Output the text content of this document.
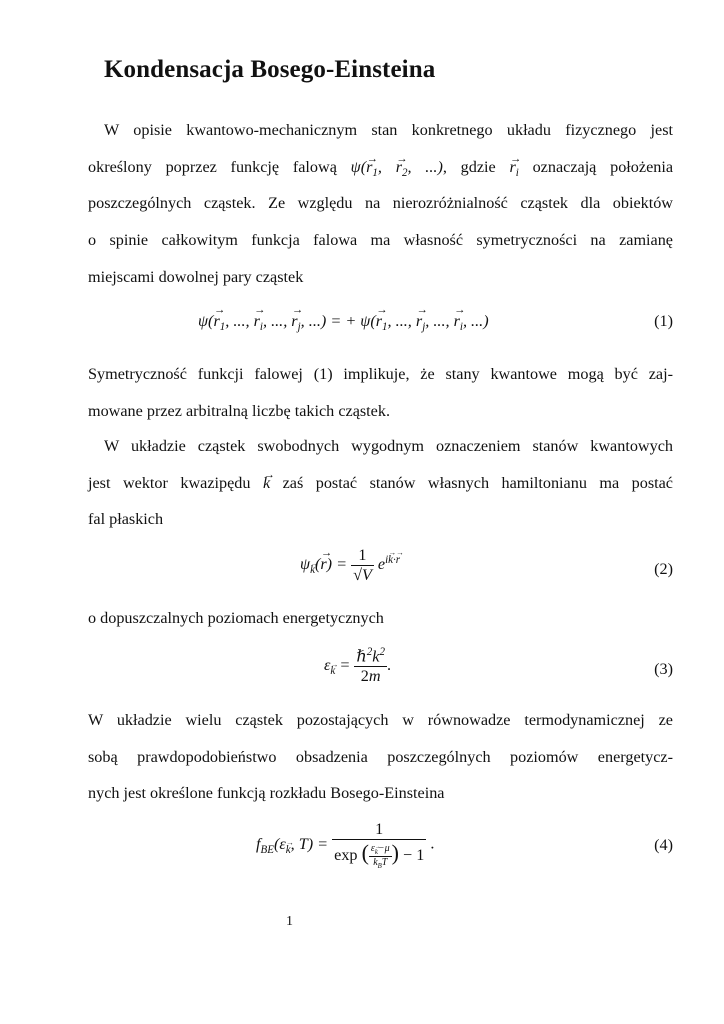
Kondensacja Bosego-Einsteina
W opisie kwantowo-mechanicznym stan konkretnego układu fizycznego jest
określony poprzez funkcję falową $\psi(\to r_1$, → $r_2$, ...), gdzie → $r_i$ oznaczają położenia
poszczególnych cząstek. Ze względu na nierozróżnialność cząstek dla obiektów
o spinie całkowitym funkcja falowa ma własność symetryczności na zamianę
miejscami dowolnej pary cząstek
$\psi(\to r_1$, ..., → $r_i$, ..., → $r_j$, ...) = + $\psi(\to r_1$, ..., → $r_j$, ..., → $r_i$, ...)	(1)
Symetryczność funkcji falowej (1) implikuje, że stany kwantowe mogą być zaj-
mowane przez arbitralną liczbę takich cząstek.
W układzie cząstek swobodnych wygodnym oznaczeniem stanów kwantowych
jest wektor kwazipędu → k zaś postać stanów własnych hamiltonianu ma postać
fal płaskich
$\psi\to _k(\to r) = \frac{1}{√V} e^{i\to k\cdot\to r}$
(2)
o dopuszczalnych poziomach energetycznych
$\varepsilon\to _k = \frac{\hbar^2k^2}{2m}$ .	(3)
W układzie wielu cząstek pozostających w równowadze termodynamicznej ze
sobą prawdopodobieństwo obsadzenia poszczególnych poziomów energetycz-
nych jest określone funkcją rozkładu Bosego-Einsteina
$f_{BE}(\varepsilon\to _k$, $T) = \frac{1}{\exp ( \frac{\varepsilon\to _k-\mu}{k_BT} ) - 1}$ .	(4)
1
